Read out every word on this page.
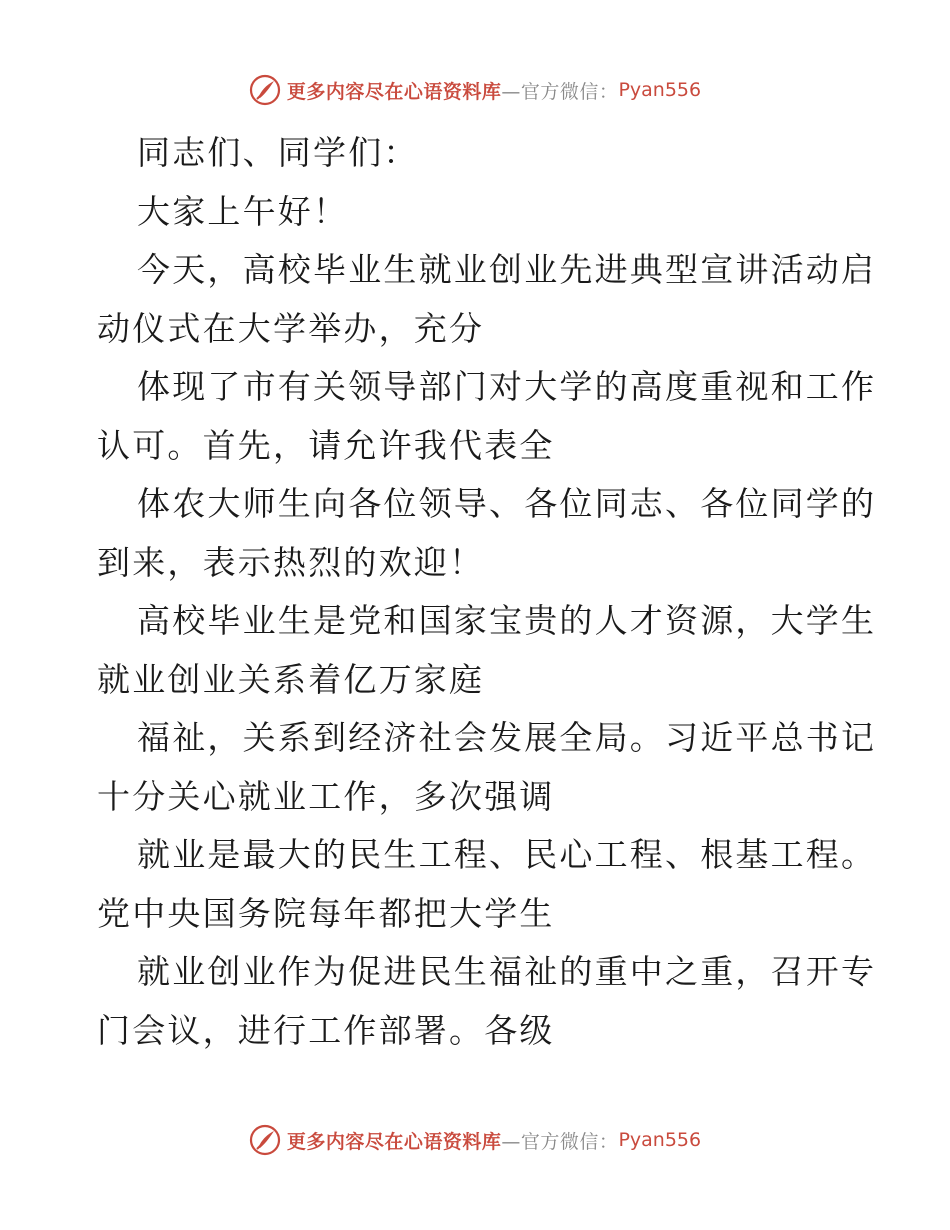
更多内容尽在心语资料库 —官方微信： Pyan556
同志们、同学们：
大家上午好！
今天，高校毕业生就业创业先进典型宣讲活动启
动仪式在大学举办，充分
体现了市有关领导部门对大学的高度重视和工作
认可。首先，请允许我代表全
体农大师生向各位领导、各位同志、各位同学的
到来，表示热烈的欢迎！
高校毕业生是党和国家宝贵的人才资源，大学生
就业创业关系着亿万家庭
福祉，关系到经济社会发展全局。习近平总书记
十分关心就业工作，多次强调
就业是最大的民生工程、民心工程、根基工程。
党中央国务院每年都把大学生
就业创业作为促进民生福祉的重中之重，召开专
门会议，进行工作部署。各级
更多内容尽在心语资料库 —官方微信： Pyan556
